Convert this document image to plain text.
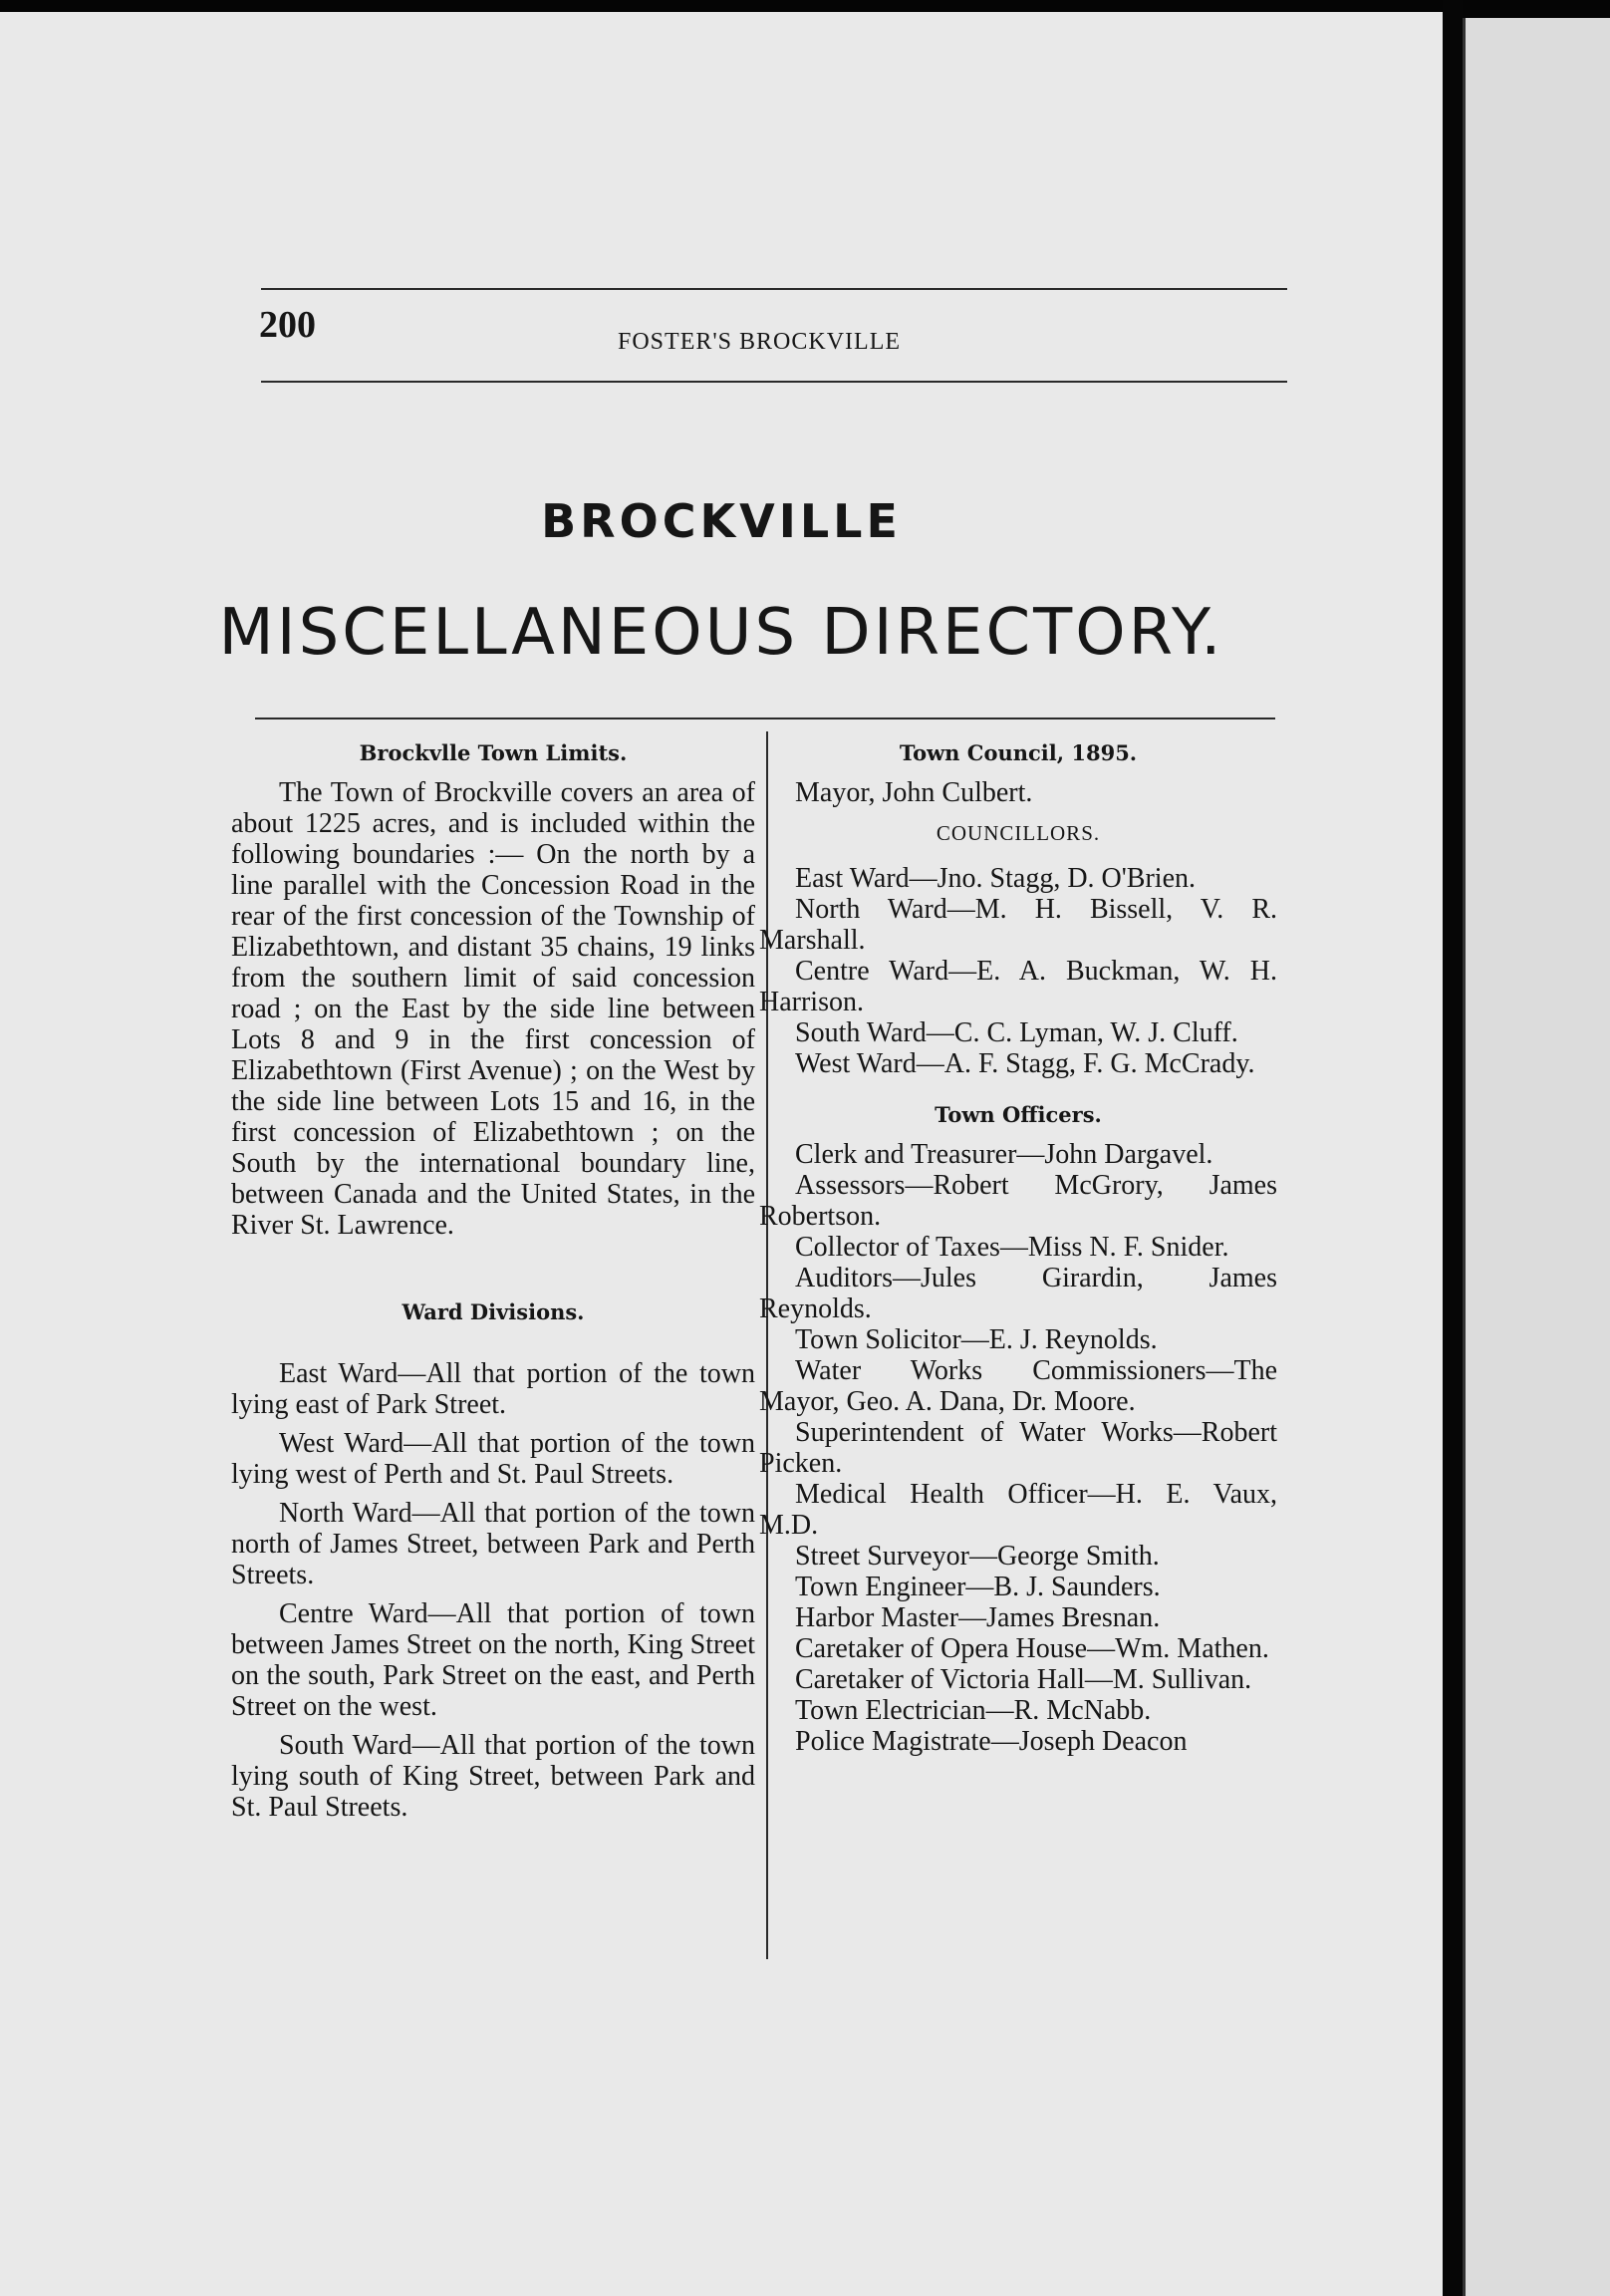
200	FOSTER'S BROCKVILLE
BROCKVILLE
MISCELLANEOUS DIRECTORY.
Brockvlle Town Limits.

The Town of Brockville covers an area of about 1225 acres, and is included within the following boundaries :— On the north by a line parallel with the Concession Road in the rear of the first concession of the Township of Elizabethtown, and distant 35 chains, 19 links from the southern limit of said concession road ; on the East by the side line between Lots 8 and 9 in the first concession of Elizabethtown (First Avenue) ; on the West by the side line between Lots 15 and 16, in the first concession of Elizabethtown ; on the South by the international boundary line, between Canada and the United States, in the River St. Lawrence.

Ward Divisions.

East Ward—All that portion of the town lying east of Park Street.

West Ward—All that portion of the town lying west of Perth and St. Paul Streets.

North Ward—All that portion of the town north of James Street, between Park and Perth Streets.

Centre Ward—All that portion of town between James Street on the north, King Street on the south, Park Street on the east, and Perth Street on the west.

South Ward—All that portion of the town lying south of King Street, between Park and St. Paul Streets.

Town Council, 1895.

Mayor, John Culbert.

COUNCILLORS.

East Ward—Jno. Stagg, D. O'Brien.

North Ward—M. H. Bissell, V. R. Marshall.

Centre Ward—E. A. Buckman, W. H. Harrison.

South Ward—C. C. Lyman, W. J. Cluff.

West Ward—A. F. Stagg, F. G. McCrady.

Town Officers.

Clerk and Treasurer—John Dargavel.

Assessors—Robert McGrory, James Robertson.

Collector of Taxes—Miss N. F. Snider.

Auditors—Jules Girardin, James Reynolds.

Town Solicitor—E. J. Reynolds.

Water Works Commissioners—The Mayor, Geo. A. Dana, Dr. Moore.

Superintendent of Water Works—Robert Picken.

Medical Health Officer—H. E. Vaux, M.D.

Street Surveyor—George Smith.

Town Engineer—B. J. Saunders.

Harbor Master—James Bresnan.

Caretaker of Opera House—Wm. Mathen.

Caretaker of Victoria Hall—M. Sullivan.

Town Electrician—R. McNabb.

Police Magistrate—Joseph Deacon
